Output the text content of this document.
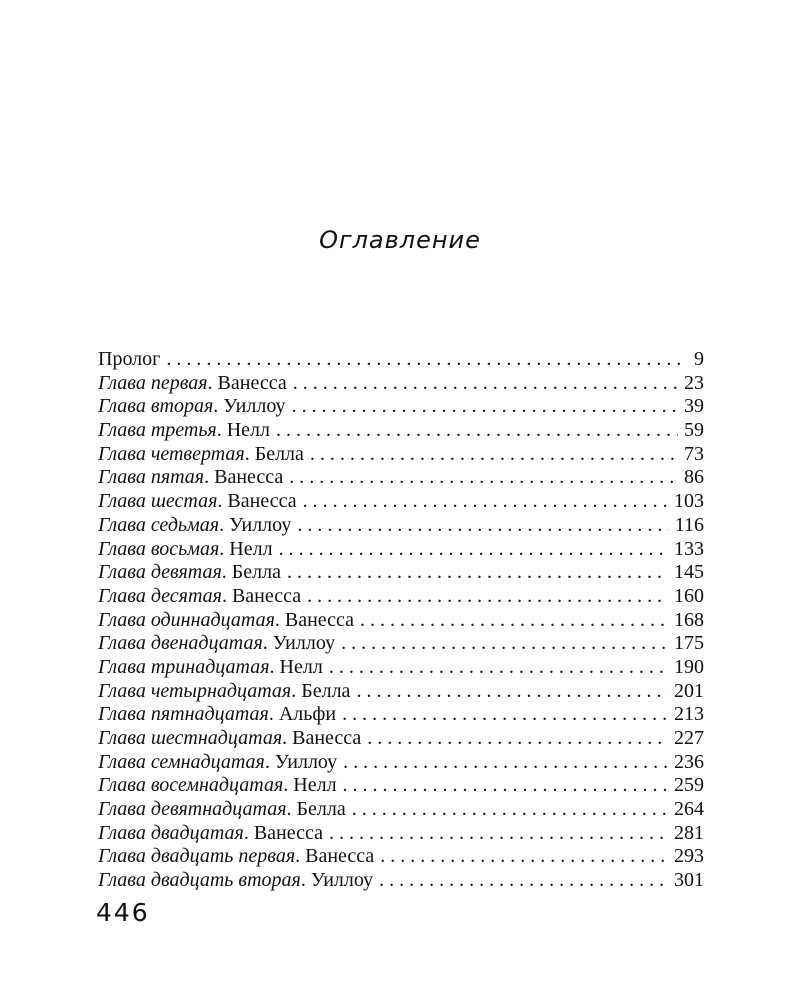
Оглавление
Пролог . . .	9
Глава первая. Ванесса . . .	23
Глава вторая. Уиллоу . . .	39
Глава третья. Нелл . . .	59
Глава четвертая. Белла . . .	73
Глава пятая. Ванесса . . .	86
Глава шестая. Ванесса . . .	103
Глава седьмая. Уиллоу . . .	116
Глава восьмая. Нелл . . .	133
Глава девятая. Белла . . .	145
Глава десятая. Ванесса . . .	160
Глава одиннадцатая. Ванесса . . .	168
Глава двенадцатая. Уиллоу . . .	175
Глава тринадцатая. Нелл . . .	190
Глава четырнадцатая. Белла . . .	201
Глава пятнадцатая. Альфи . . .	213
Глава шестнадцатая. Ванесса . . .	227
Глава семнадцатая. Уиллоу . . .	236
Глава восемнадцатая. Нелл . . .	259
Глава девятнадцатая. Белла . . .	264
Глава двадцатая. Ванесса . . .	281
Глава двадцать первая. Ванесса . . .	293
Глава двадцать вторая. Уиллоу . . .	301
446
